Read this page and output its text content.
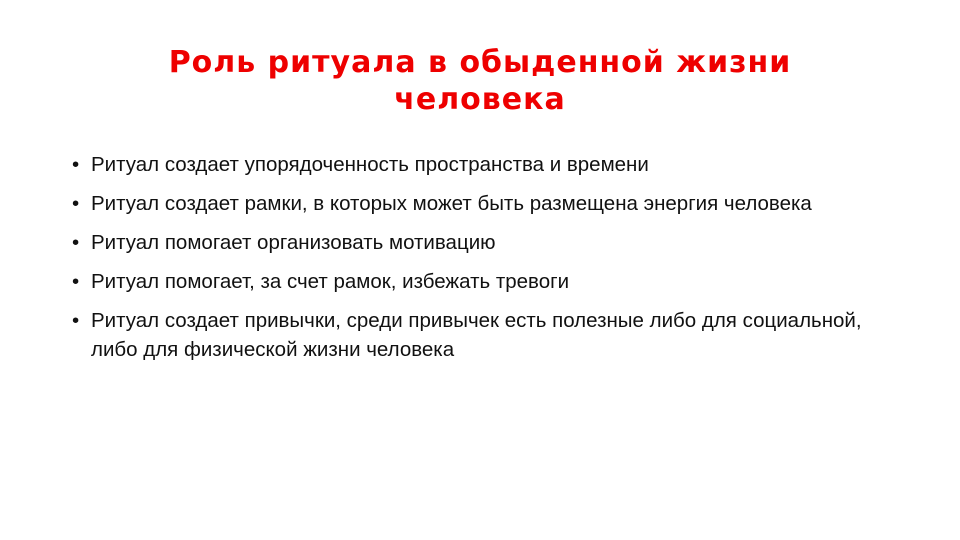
Роль ритуала в обыденной жизни человека
• Ритуал создает упорядоченность пространства и времени
• Ритуал создает рамки, в которых может быть размещена энергия человека
• Ритуал помогает организовать мотивацию
• Ритуал помогает, за счет рамок, избежать тревоги
• Ритуал создает привычки, среди привычек есть полезные либо для социальной, либо для физической жизни человека
